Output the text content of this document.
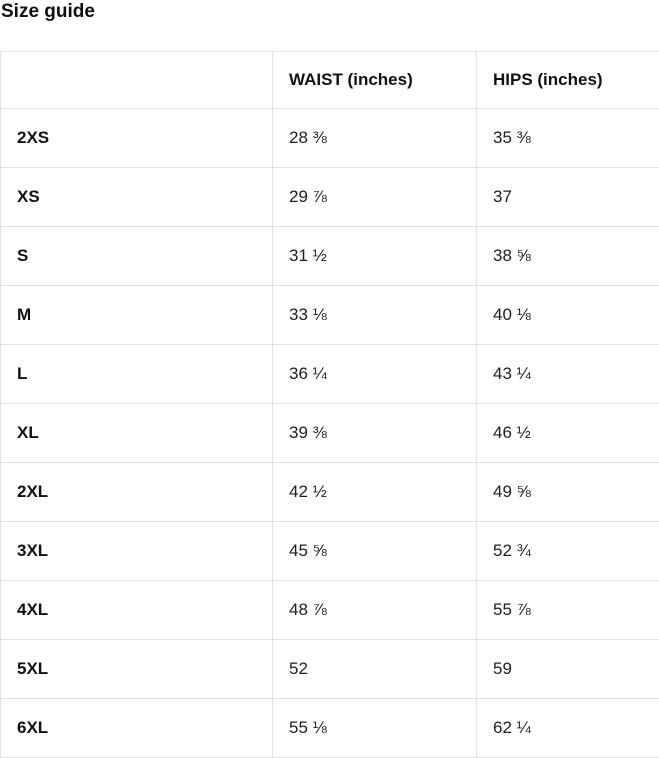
Size guide
	WAIST (inches)	HIPS (inches)
2XS	28 ⅜	35 ⅜
XS	29 ⅞	37
S	31 ½	38 ⅝
M	33 ⅛	40 ⅛
L	36 ¼	43 ¼
XL	39 ⅜	46 ½
2XL	42 ½	49 ⅝
3XL	45 ⅝	52 ¾
4XL	48 ⅞	55 ⅞
5XL	52	59
6XL	55 ⅛	62 ¼
